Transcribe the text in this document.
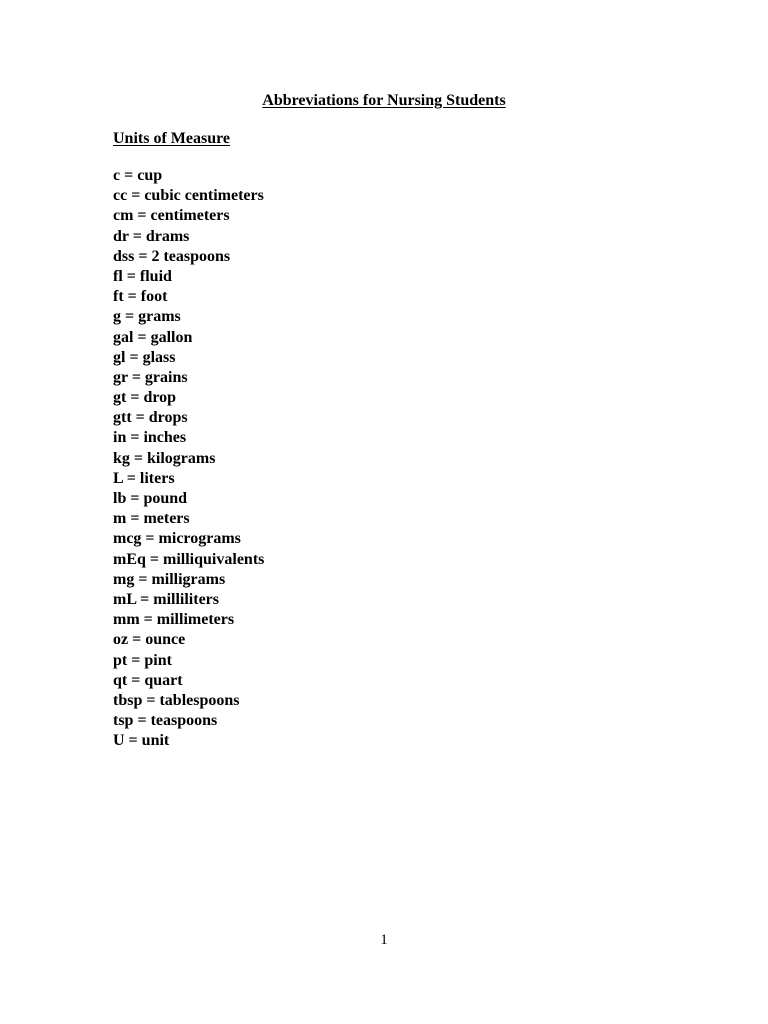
Abbreviations for Nursing Students
Units of Measure
c = cup
cc = cubic centimeters
cm = centimeters
dr = drams
dss = 2 teaspoons
fl = fluid
ft = foot
g = grams
gal = gallon
gl = glass
gr = grains
gt = drop
gtt = drops
in = inches
kg = kilograms
L = liters
lb = pound
m = meters
mcg = micrograms
mEq = milliquivalents
mg = milligrams
mL = milliliters
mm = millimeters
oz = ounce
pt = pint
qt = quart
tbsp = tablespoons
tsp = teaspoons
U = unit
1
